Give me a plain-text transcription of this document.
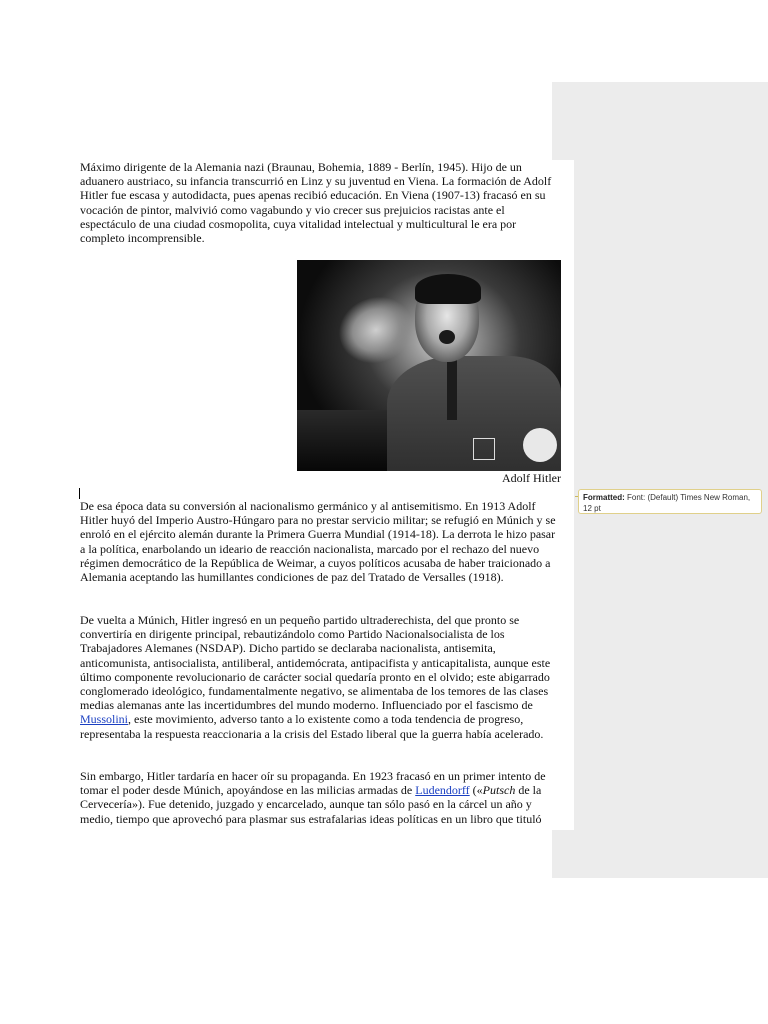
Formatted: Font: (Default) Times New Roman, 12 pt
Máximo dirigente de la Alemania nazi (Braunau, Bohemia, 1889 - Berlín, 1945). Hijo de un aduanero austriaco, su infancia transcurrió en Linz y su juventud en Viena. La formación de Adolf Hitler fue escasa y autodidacta, pues apenas recibió educación. En Viena (1907-13) fracasó en su vocación de pintor, malvivió como vagabundo y vio crecer sus prejuicios racistas ante el espectáculo de una ciudad cosmopolita, cuya vitalidad intelectual y multicultural le era por completo incomprensible.
Adolf Hitler
De esa época data su conversión al nacionalismo germánico y al antisemitismo. En 1913 Adolf Hitler huyó del Imperio Austro-Húngaro para no prestar servicio militar; se refugió en Múnich y se enroló en el ejército alemán durante la Primera Guerra Mundial (1914-18). La derrota le hizo pasar a la política, enarbolando un ideario de reacción nacionalista, marcado por el rechazo del nuevo régimen democrático de la República de Weimar, a cuyos políticos acusaba de haber traicionado a Alemania aceptando las humillantes condiciones de paz del Tratado de Versalles (1918).
De vuelta a Múnich, Hitler ingresó en un pequeño partido ultraderechista, del que pronto se convertiría en dirigente principal, rebautizándolo como Partido Nacionalsocialista de los Trabajadores Alemanes (NSDAP). Dicho partido se declaraba nacionalista, antisemita, anticomunista, antisocialista, antiliberal, antidemócrata, antipacifista y anticapitalista, aunque este último componente revolucionario de carácter social quedaría pronto en el olvido; este abigarrado conglomerado ideológico, fundamentalmente negativo, se alimentaba de los temores de las clases medias alemanas ante las incertidumbres del mundo moderno. Influenciado por el fascismo de Mussolini, este movimiento, adverso tanto a lo existente como a toda tendencia de progreso, representaba la respuesta reaccionaria a la crisis del Estado liberal que la guerra había acelerado.
Sin embargo, Hitler tardaría en hacer oír su propaganda. En 1923 fracasó en un primer intento de tomar el poder desde Múnich, apoyándose en las milicias armadas de Ludendorff («Putsch de la Cervecería»). Fue detenido, juzgado y encarcelado, aunque tan sólo pasó en la cárcel un año y medio, tiempo que aprovechó para plasmar sus estrafalarias ideas políticas en un libro que tituló
